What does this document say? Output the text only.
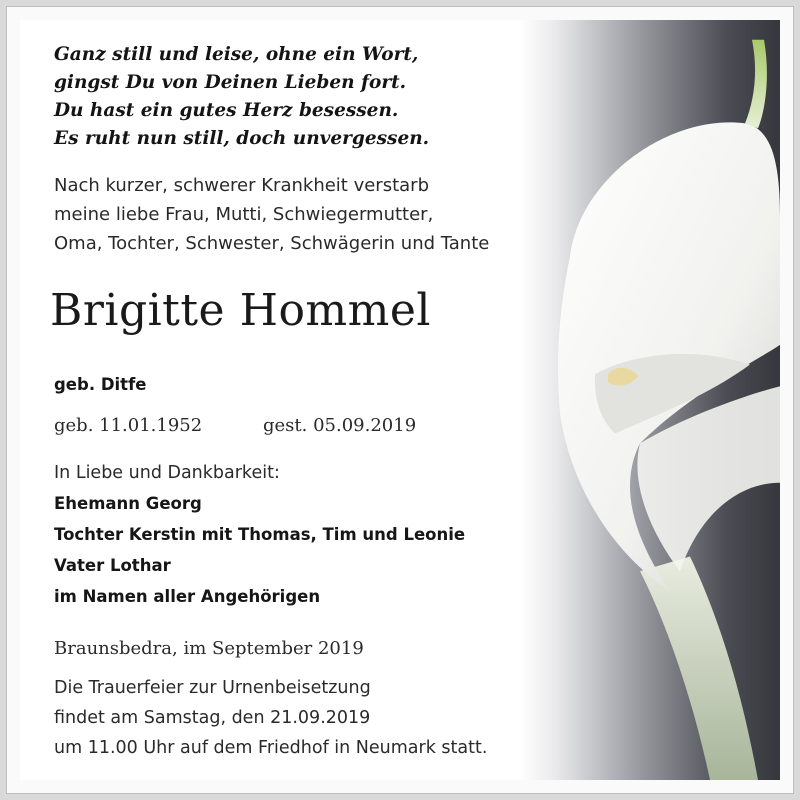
Ganz still und leise, ohne ein Wort,

gingst Du von Deinen Lieben fort.

Du hast ein gutes Herz besessen.

Es ruht nun still, doch unvergessen.

Nach kurzer, schwerer Krankheit verstarb

meine liebe Frau, Mutti, Schwiegermutter,

Oma, Tochter, Schwester, Schwägerin und Tante

Brigitte Hommel

geb. Ditfe

geb. 11.01.1952	gest. 05.09.2019

In Liebe und Dankbarkeit:

Ehemann Georg

Tochter Kerstin mit Thomas, Tim und Leonie

Vater Lothar

im Namen aller Angehörigen

Braunsbedra, im September 2019

Die Trauerfeier zur Urnenbeisetzung

findet am Samstag, den 21.09.2019

um 11.00 Uhr auf dem Friedhof in Neumark statt.
